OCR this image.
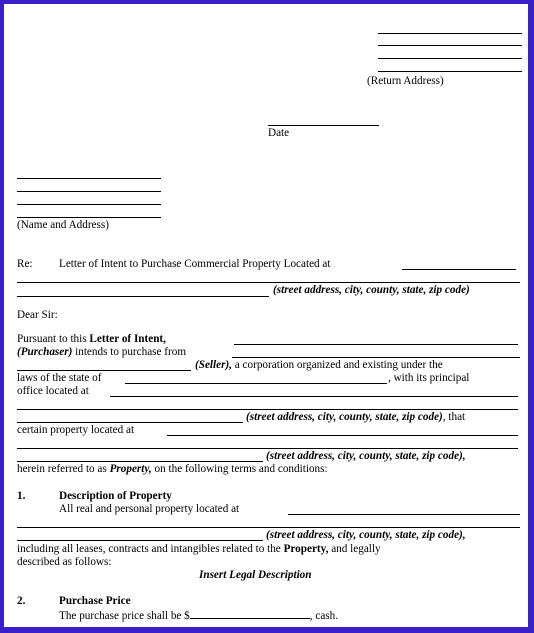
(Return Address)
Date
(Name and Address)
Re: Letter of Intent to Purchase Commercial Property Located at
(street address, city, county, state, zip code)
Dear Sir:
Pursuant to this Letter of Intent,
(Purchaser) intends to purchase from
(Seller), a corporation organized and existing under the
laws of the state of	, with its principal
office located at
(street address, city, county, state, zip code), that
certain property located at
(street address, city, county, state, zip code),
herein referred to as Property, on the following terms and conditions:
1.	Description of Property
All real and personal property located at
(street address, city, county, state, zip code),
including all leases, contracts and intangibles related to the Property, and legally
described as follows:
Insert Legal Description
2.	Purchase Price
The purchase price shall be $	, cash.
